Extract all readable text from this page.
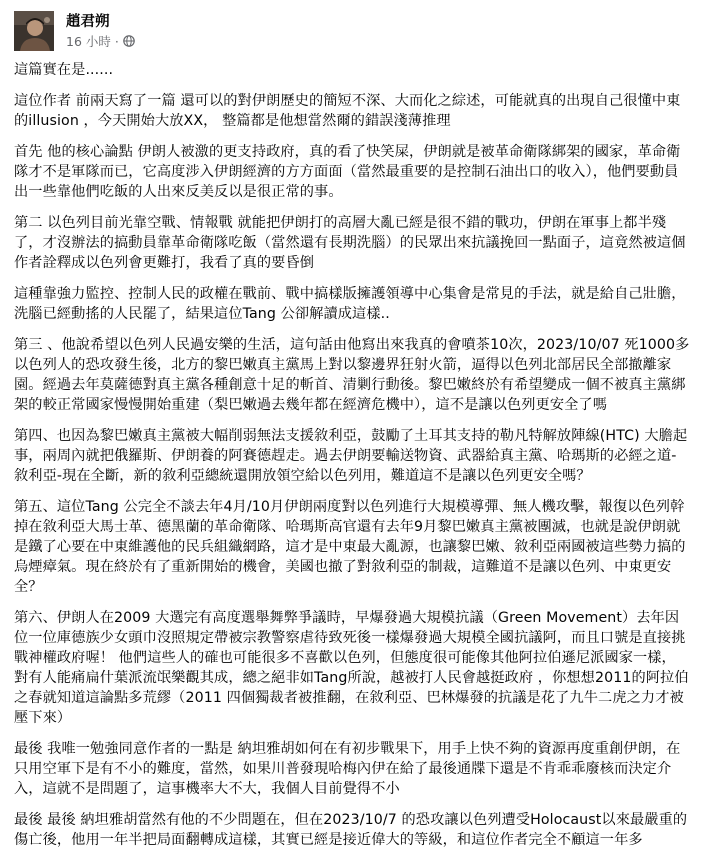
趙君朔
16 小時 ·

這篇實在是......

這位作者 前兩天寫了一篇 還可以的對伊朗歷史的簡短不深、大而化之綜述，可能就真的出現自己很懂中東的illusion ，今天開始大放XX， 整篇都是他想當然爾的錯誤淺薄推理

首先 他的核心論點 伊朗人被激的更支持政府，真的看了快笑屎，伊朗就是被革命衛隊綁架的國家，革命衛隊才不是軍隊而已，它高度涉入伊朗經濟的方方面面（當然最重要的是控制石油出口的收入），他們要動員出一些靠他們吃飯的人出來反美反以是很正常的事。

第二 以色列目前光靠空戰、情報戰 就能把伊朗打的高層大亂已經是很不錯的戰功，伊朗在軍事上都半殘了，才沒辦法的搞動員靠革命衛隊吃飯（當然還有長期洗腦）的民眾出來抗議挽回一點面子，這竟然被這個作者詮釋成以色列會更難打，我看了真的要昏倒

這種靠強力監控、控制人民的政權在戰前、戰中搞樣版擁護領導中心集會是常見的手法，就是給自己壯膽，洗腦已經動搖的人民罷了，結果這位Tang 公卻解讀成這樣..

第三 、他說希望以色列人民過安樂的生活，這句話由他寫出來我真的會噴茶10次，2023/10/07 死1000多以色列人的恐攻發生後，北方的黎巴嫩真主黨馬上對以黎邊界狂射火箭，逼得以色列北部居民全部撤離家園。經過去年莫薩德對真主黨各種創意十足的斬首、清剿行動後。黎巴嫩終於有希望變成一個不被真主黨綁架的較正常國家慢慢開始重建（梨巴嫩過去幾年都在經濟危機中），這不是讓以色列更安全了嗎

第四、也因為黎巴嫩真主黨被大幅削弱無法支援敘利亞，鼓勵了土耳其支持的勒凡特解放陣線(HTC) 大膽起事，兩周內就把俄羅斯、伊朗養的阿賽德趕走。過去伊朗要輸送物資、武器給真主黨、哈瑪斯的必經之道-敘利亞-現在全斷，新的敘利亞總統還開放領空給以色列用，難道這不是讓以色列更安全嗎？

第五、這位Tang 公完全不談去年4月/10月伊朗兩度對以色列進行大規模導彈、無人機攻擊，報復以色列幹掉在敘利亞大馬士革、德黑蘭的革命衛隊、哈瑪斯高官還有去年9月黎巴嫩真主黨被團滅，也就是說伊朗就是鐵了心要在中東維護他的民兵組織網路，這才是中東最大亂源，也讓黎巴嫩、敘利亞兩國被這些勢力搞的烏煙瘴氣。現在終於有了重新開始的機會，美國也撤了對敘利亞的制裁，這難道不是讓以色列、中東更安全？

第六、伊朗人在2009 大選完有高度選舉舞弊爭議時，早爆發過大規模抗議（Green Movement）去年因位一位庫德族少女頭巾沒照規定帶被宗教警察虐待致死後一樣爆發過大規模全國抗議阿，而且口號是直接挑戰神權政府喔！ 他們這些人的確也可能很多不喜歡以色列，但態度很可能像其他阿拉伯遜尼派國家一樣，對有人能痛扁什葉派流氓樂觀其成，總之絕非如Tang所說，越被打人民會越挺政府 ，你想想2011的阿拉伯之春就知道這論點多荒繆（2011 四個獨裁者被推翻，在敘利亞、巴林爆發的抗議是花了九牛二虎之力才被壓下來）

最後 我唯一勉強同意作者的一點是 納坦雅胡如何在有初步戰果下，用手上快不夠的資源再度重創伊朗，在只用空軍下是有不小的難度，當然，如果川普發現哈梅內伊在給了最後通牒下還是不肯乖乖廢核而決定介入，這就不是問題了，這事機率大不大，我個人目前覺得不小

最後 最後 納坦雅胡當然有他的不少問題在，但在2023/10/7 的恐攻讓以色列遭受Holocaust以來最嚴重的傷亡後，他用一年半把局面翻轉成這樣，其實已經是接近偉大的等級，和這位作者完全不顧這一年多
